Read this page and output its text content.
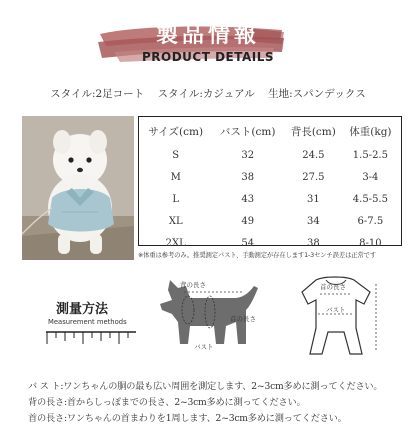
製品情報
PRODUCT DETAILS
スタイル:2足コート スタイル:カジュアル 生地:スパンデックス
サイズ(cm)	バスト(cm)	背長(cm)	体重(kg)
S	32	24.5	1.5-2.5
M	38	27.5	3-4
L	43	31	4.5-5.5
XL	49	34	6-7.5
2XL	54	38	8-10
※体重は参考のみ。推奨測定バスト、手動測定が存在します1-3センチ誤差は正常です
測量方法
Measurement methods
背の長さ
首の長さ
バスト
首の長さ
バスト
バ ス ト:ワンちゃんの胴の最も広い周囲を測定します、2~3cm多めに測ってください。
背の長さ:首からしっぽまでの長さ、2~3cm多めに測ってください。
首の長さ:ワンちゃんの首まわりを1周します、2~3cm多めに測ってください。
